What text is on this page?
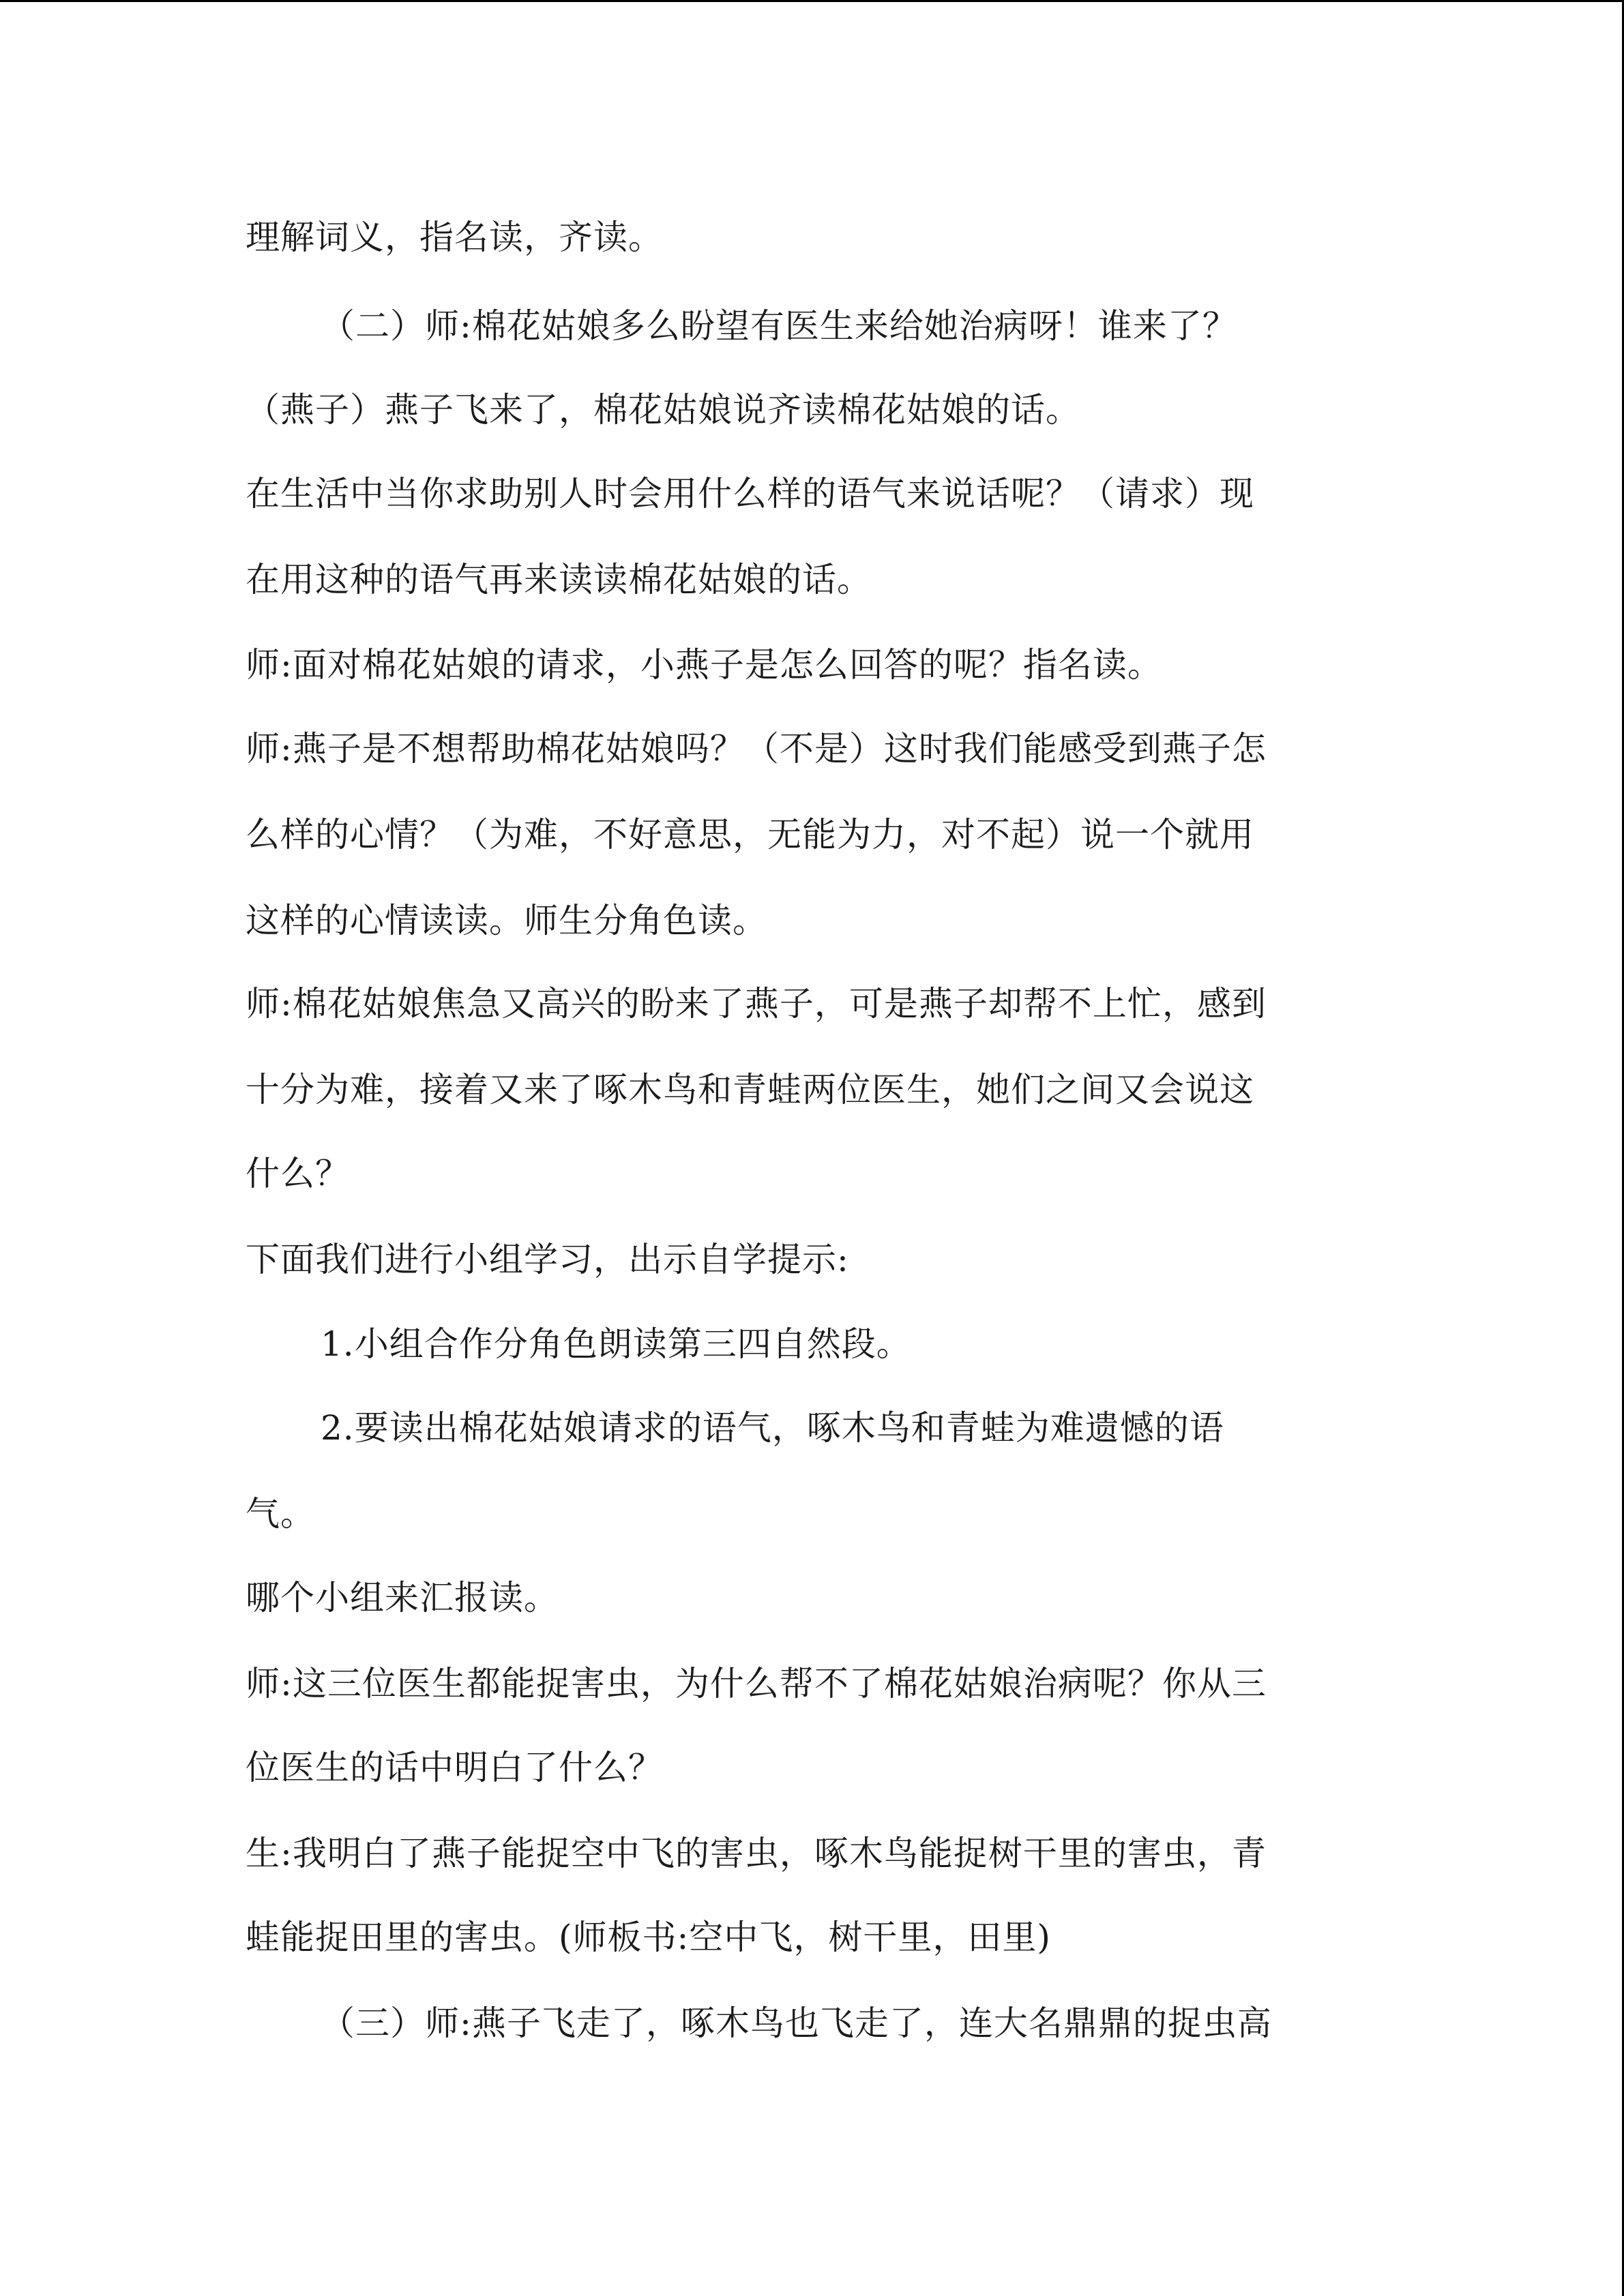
理解词义，指名读，齐读。

（二）师:棉花姑娘多么盼望有医生来给她治病呀！谁来了？

（燕子）燕子飞来了，棉花姑娘说齐读棉花姑娘的话。

在生活中当你求助别人时会用什么样的语气来说话呢？（请求）现

在用这种的语气再来读读棉花姑娘的话。

师:面对棉花姑娘的请求，小燕子是怎么回答的呢？指名读。

师:燕子是不想帮助棉花姑娘吗？（不是）这时我们能感受到燕子怎

么样的心情？（为难，不好意思，无能为力，对不起）说一个就用

这样的心情读读。师生分角色读。

师:棉花姑娘焦急又高兴的盼来了燕子，可是燕子却帮不上忙，感到

十分为难，接着又来了啄木鸟和青蛙两位医生，她们之间又会说这

什么？

下面我们进行小组学习，出示自学提示:

1.小组合作分角色朗读第三四自然段。

2.要读出棉花姑娘请求的语气，啄木鸟和青蛙为难遗憾的语

气。

哪个小组来汇报读。

师:这三位医生都能捉害虫，为什么帮不了棉花姑娘治病呢？你从三

位医生的话中明白了什么？

生:我明白了燕子能捉空中飞的害虫，啄木鸟能捉树干里的害虫，青

蛙能捉田里的害虫。(师板书:空中飞，树干里，田里)

（三）师:燕子飞走了，啄木鸟也飞走了，连大名鼎鼎的捉虫高
